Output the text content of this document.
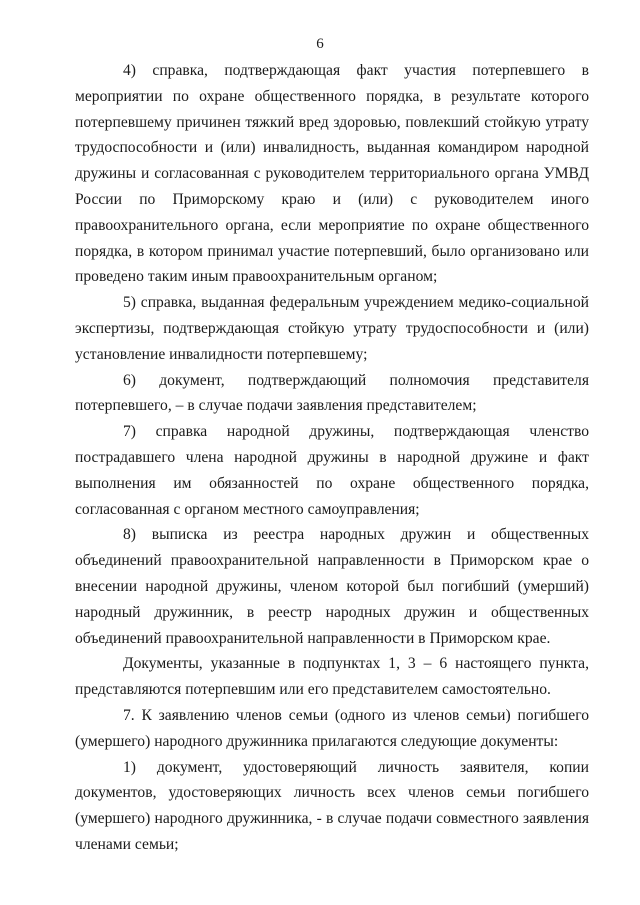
6

4) справка, подтверждающая факт участия потерпевшего в мероприятии по охране общественного порядка, в результате которого потерпевшему причинен тяжкий вред здоровью, повлекший стойкую утрату трудоспособности и (или) инвалидность, выданная командиром народной дружины и согласованная с руководителем территориального органа УМВД России по Приморскому краю и (или) с руководителем иного правоохранительного органа, если мероприятие по охране общественного порядка, в котором принимал участие потерпевший, было организовано или проведено таким иным правоохранительным органом;

5) справка, выданная федеральным учреждением медико-социальной экспертизы, подтверждающая стойкую утрату трудоспособности и (или) установление инвалидности потерпевшему;

6) документ, подтверждающий полномочия представителя потерпевшего, – в случае подачи заявления представителем;

7) справка народной дружины, подтверждающая членство пострадавшего члена народной дружины в народной дружине и факт выполнения им обязанностей по охране общественного порядка, согласованная с органом местного самоуправления;

8) выписка из реестра народных дружин и общественных объединений правоохранительной направленности в Приморском крае о внесении народной дружины, членом которой был погибший (умерший) народный дружинник, в реестр народных дружин и общественных объединений правоохранительной направленности в Приморском крае.

Документы, указанные в подпунктах 1, 3 – 6 настоящего пункта, представляются потерпевшим или его представителем самостоятельно.

7. К заявлению членов семьи (одного из членов семьи) погибшего (умершего) народного дружинника прилагаются следующие документы:

1) документ, удостоверяющий личность заявителя, копии документов, удостоверяющих личность всех членов семьи погибшего (умершего) народного дружинника, - в случае подачи совместного заявления членами семьи;
